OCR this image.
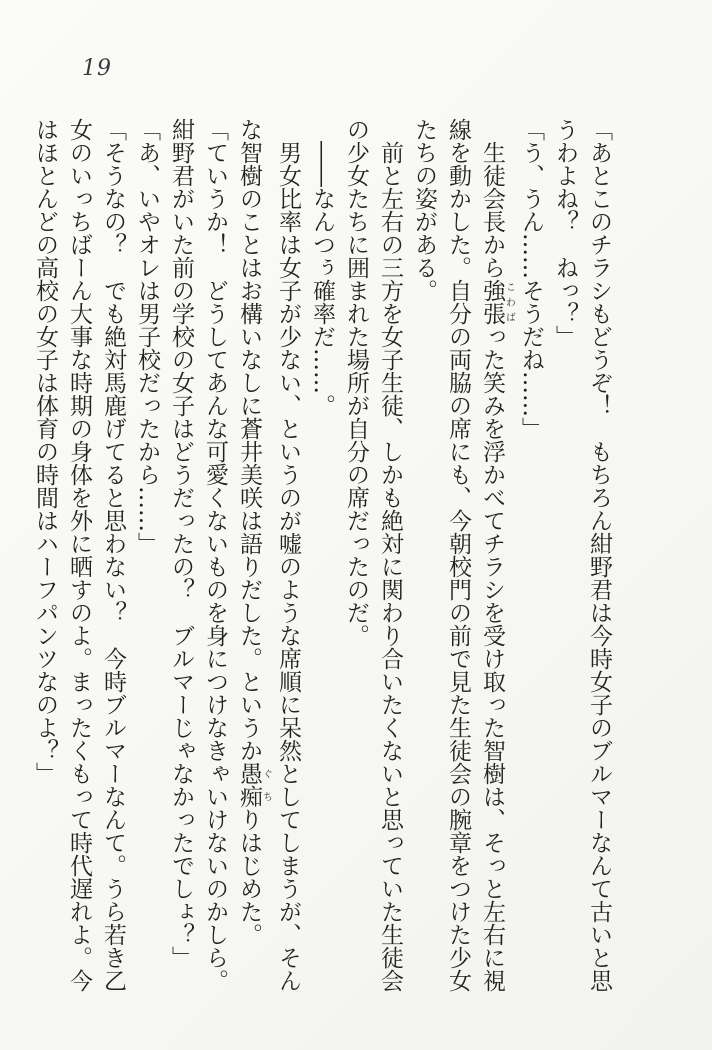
19

「あとこのチラシもどうぞ！　もちろん紺野君は今時女子のブルマーなんて古いと思

うわよね？　ねっ？」

「う、うん……そうだね……」

　生徒会長から強張こわばった笑みを浮かべてチラシを受け取った智樹は、そっと左右に視

線を動かした。自分の両脇の席にも、今朝校門の前で見た生徒会の腕章をつけた少女

たちの姿がある。

　前と左右の三方を女子生徒、しかも絶対に関わり合いたくないと思っていた生徒会

の少女たちに囲まれた場所が自分の席だったのだ。

　――なんつぅ確率だ……。

　男女比率は女子が少ない、というのが嘘のような席順に呆然としてしまうが、そん

な智樹のことはお構いなしに蒼井美咲は語りだした。というか愚痴ぐちりはじめた。

「ていうか！　どうしてあんな可愛くないものを身につけなきゃいけないのかしら。

紺野君がいた前の学校の女子はどうだったの？　ブルマーじゃなかったでしょ？」

「あ、いやオレは男子校だったから……」

「そうなの？　でも絶対馬鹿げてると思わない？　今時ブルマーなんて。うら若き乙

女のいっちばーん大事な時期の身体を外に晒すのよ。まったくもって時代遅れよ。今

はほとんどの高校の女子は体育の時間はハーフパンツなのよ？」
